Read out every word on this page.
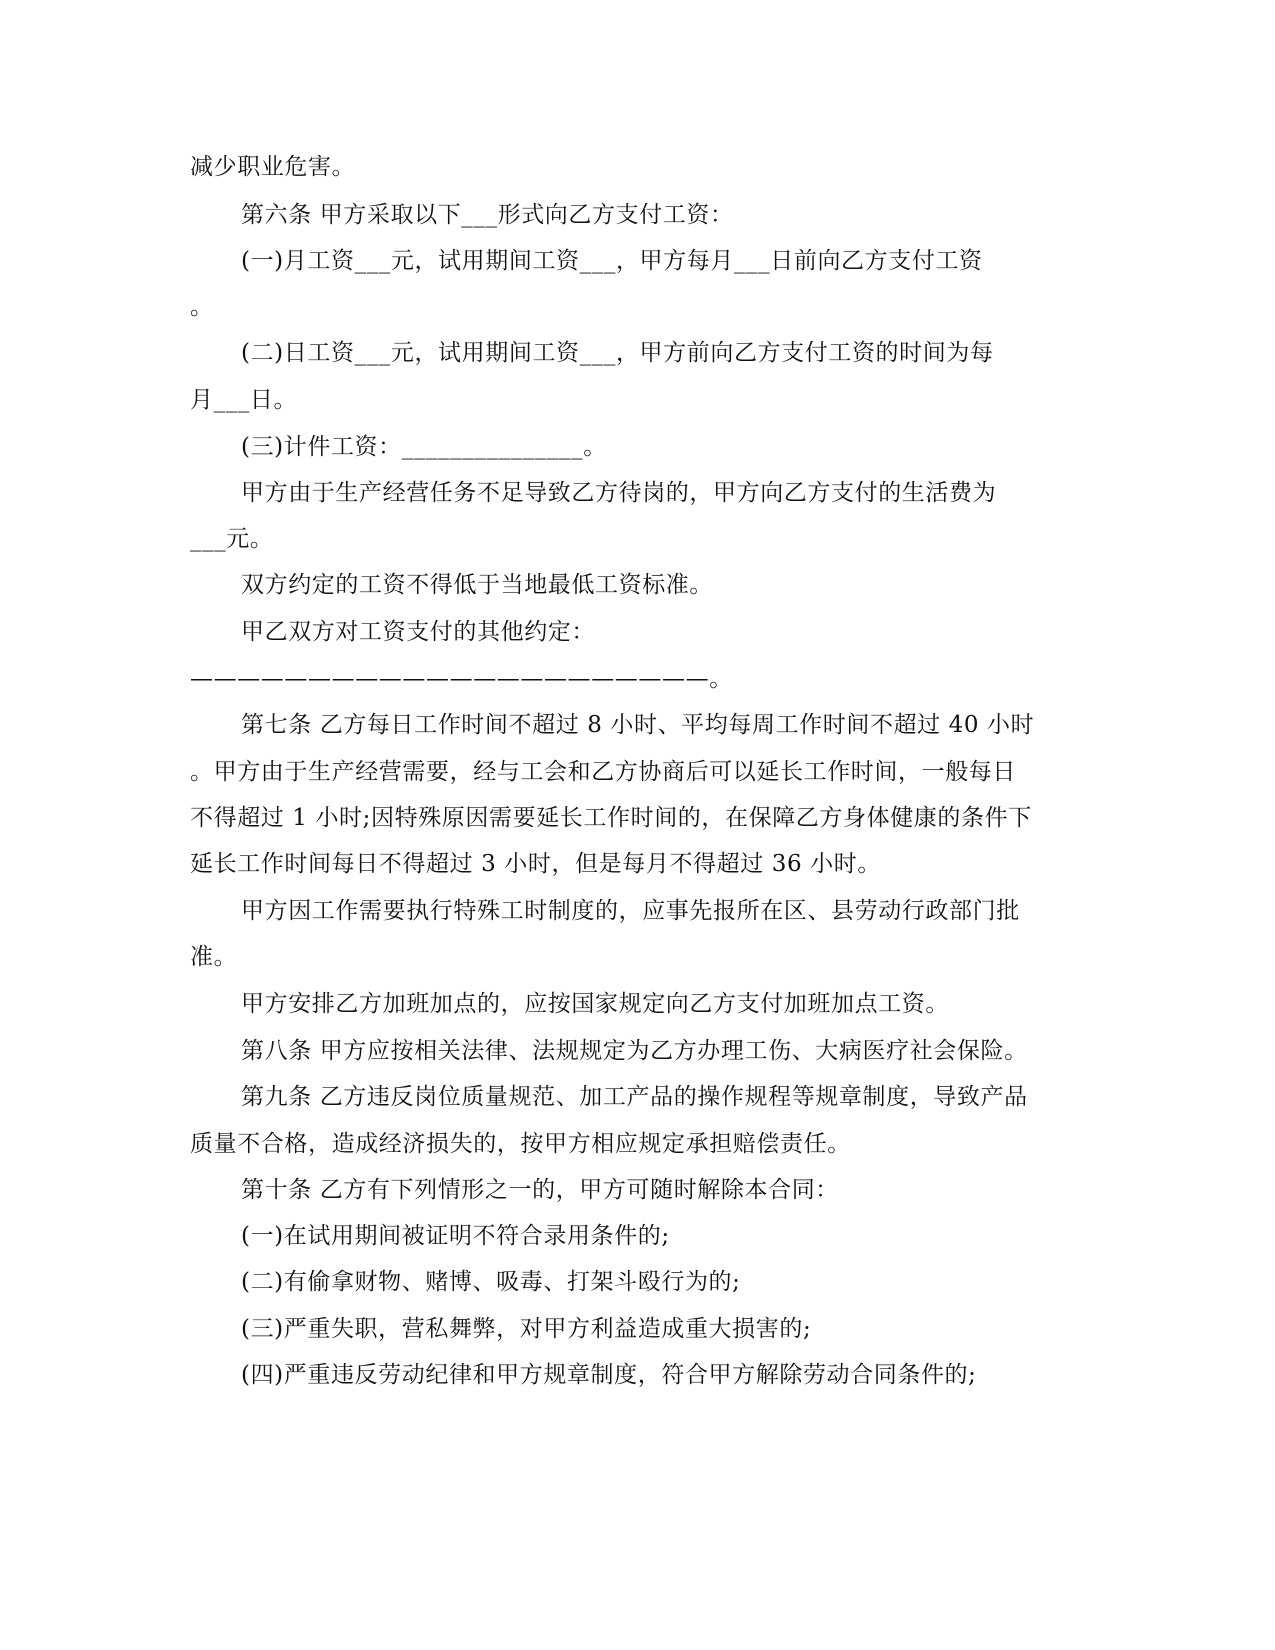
减少职业危害。
第六条 甲方采取以下___形式向乙方支付工资：
(一)月工资___元，试用期间工资___，甲方每月___日前向乙方支付工资
。
(二)日工资___元，试用期间工资___，甲方前向乙方支付工资的时间为每
月___日。
(三)计件工资：_______________。
甲方由于生产经营任务不足导致乙方待岗的，甲方向乙方支付的生活费为
___元。
双方约定的工资不得低于当地最低工资标准。
甲乙双方对工资支付的其他约定：
——————————————————————。
第七条 乙方每日工作时间不超过 8 小时、平均每周工作时间不超过 40 小时
。甲方由于生产经营需要，经与工会和乙方协商后可以延长工作时间，一般每日
不得超过 1 小时;因特殊原因需要延长工作时间的，在保障乙方身体健康的条件下
延长工作时间每日不得超过 3 小时，但是每月不得超过 36 小时。
甲方因工作需要执行特殊工时制度的，应事先报所在区、县劳动行政部门批
准。
甲方安排乙方加班加点的，应按国家规定向乙方支付加班加点工资。
第八条 甲方应按相关法律、法规规定为乙方办理工伤、大病医疗社会保险。
第九条 乙方违反岗位质量规范、加工产品的操作规程等规章制度，导致产品
质量不合格，造成经济损失的，按甲方相应规定承担赔偿责任。
第十条 乙方有下列情形之一的，甲方可随时解除本合同：
(一)在试用期间被证明不符合录用条件的;
(二)有偷拿财物、赌博、吸毒、打架斗殴行为的;
(三)严重失职，营私舞弊，对甲方利益造成重大损害的;
(四)严重违反劳动纪律和甲方规章制度，符合甲方解除劳动合同条件的;
